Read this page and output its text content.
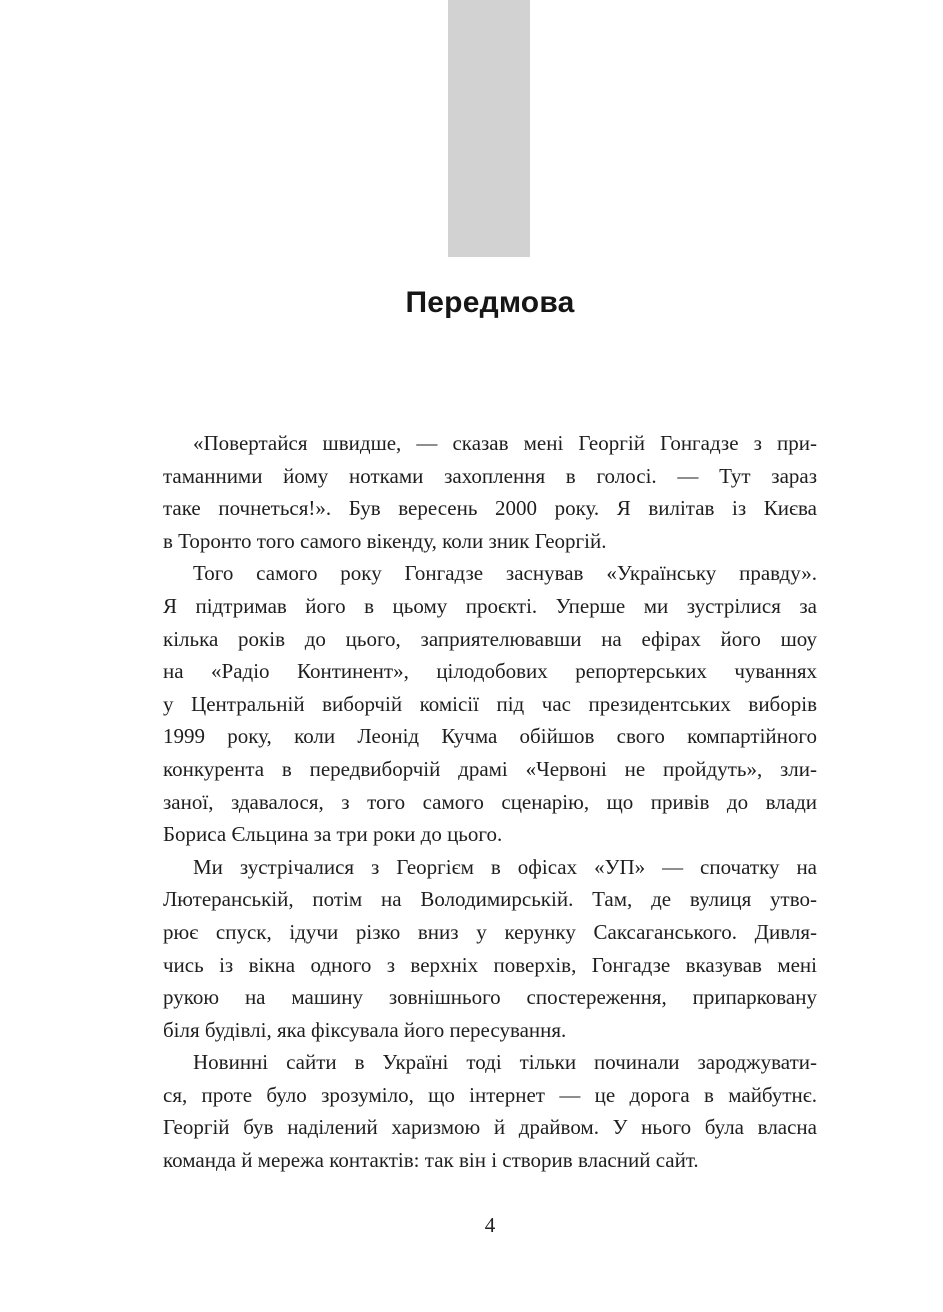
Передмова
«Повертайся швидше, — сказав мені Георгій Гонгадзе з при-
таманними йому нотками захоплення в голосі. — Тут зараз
таке почнеться!». Був вересень 2000 року. Я вилітав із Києва
в Торонто того самого вікенду, коли зник Георгій.
Того самого року Гонгадзе заснував «Українську правду».
Я підтримав його в цьому проєкті. Уперше ми зустрілися за
кілька років до цього, заприятелювавши на ефірах його шоу
на «Радіо Континент», цілодобових репортерських чуваннях
у Центральній виборчій комісії під час президентських виборів
1999 року, коли Леонід Кучма обійшов свого компартійного
конкурента в передвиборчій драмі «Червоні не пройдуть», зли-
заної, здавалося, з того самого сценарію, що привів до влади
Бориса Єльцина за три роки до цього.
Ми зустрічалися з Георгієм в офісах «УП» — спочатку на
Лютеранській, потім на Володимирській. Там, де вулиця утво-
рює спуск, ідучи різко вниз у керунку Саксаганського. Дивля-
чись із вікна одного з верхніх поверхів, Гонгадзе вказував мені
рукою на машину зовнішнього спостереження, припарковану
біля будівлі, яка фіксувала його пересування.
Новинні сайти в Україні тоді тільки починали зароджувати-
ся, проте було зрозуміло, що інтернет — це дорога в майбутнє.
Георгій був наділений харизмою й драйвом. У нього була власна
команда й мережа контактів: так він і створив власний сайт.
4
